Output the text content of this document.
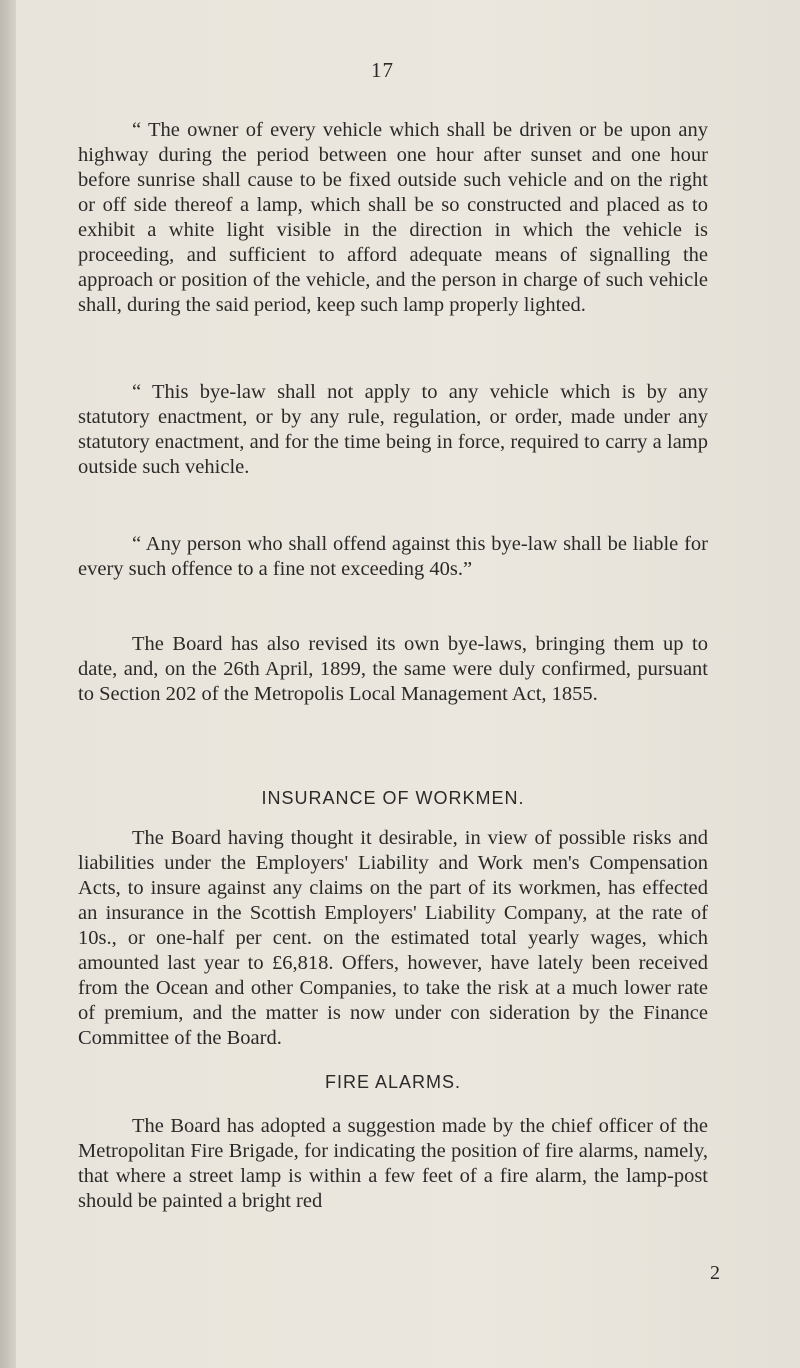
17

“ The owner of every vehicle which shall be driven or be upon any highway during the period between one hour after sunset and one hour before sunrise shall cause to be fixed outside such vehicle and on the right or off side thereof a lamp, which shall be so constructed and placed as to exhibit a white light visible in the direction in which the vehicle is proceeding, and sufficient to afford adequate means of signalling the approach or position of the vehicle, and the person in charge of such vehicle shall, during the said period, keep such lamp properly lighted.

“ This bye-law shall not apply to any vehicle which is by any statutory enactment, or by any rule, regulation, or order, made under any statutory enactment, and for the time being in force, required to carry a lamp outside such vehicle.

“ Any person who shall offend against this bye-law shall be liable for every such offence to a fine not exceeding 40s.”

The Board has also revised its own bye-laws, bringing them up to date, and, on the 26th April, 1899, the same were duly confirmed, pursuant to Section 202 of the Metropolis Local Management Act, 1855.

INSURANCE OF WORKMEN.

The Board having thought it desirable, in view of possible risks and liabilities under the Employers' Liability and Work men's Compensation Acts, to insure against any claims on the part of its workmen, has effected an insurance in the Scottish Employers' Liability Company, at the rate of 10s., or one-half per cent. on the estimated total yearly wages, which amounted last year to £6,818. Offers, however, have lately been received from the Ocean and other Companies, to take the risk at a much lower rate of premium, and the matter is now under con sideration by the Finance Committee of the Board.

FIRE ALARMS.

The Board has adopted a suggestion made by the chief officer of the Metropolitan Fire Brigade, for indicating the position of fire alarms, namely, that where a street lamp is within a few feet of a fire alarm, the lamp-post should be painted a bright red

2
